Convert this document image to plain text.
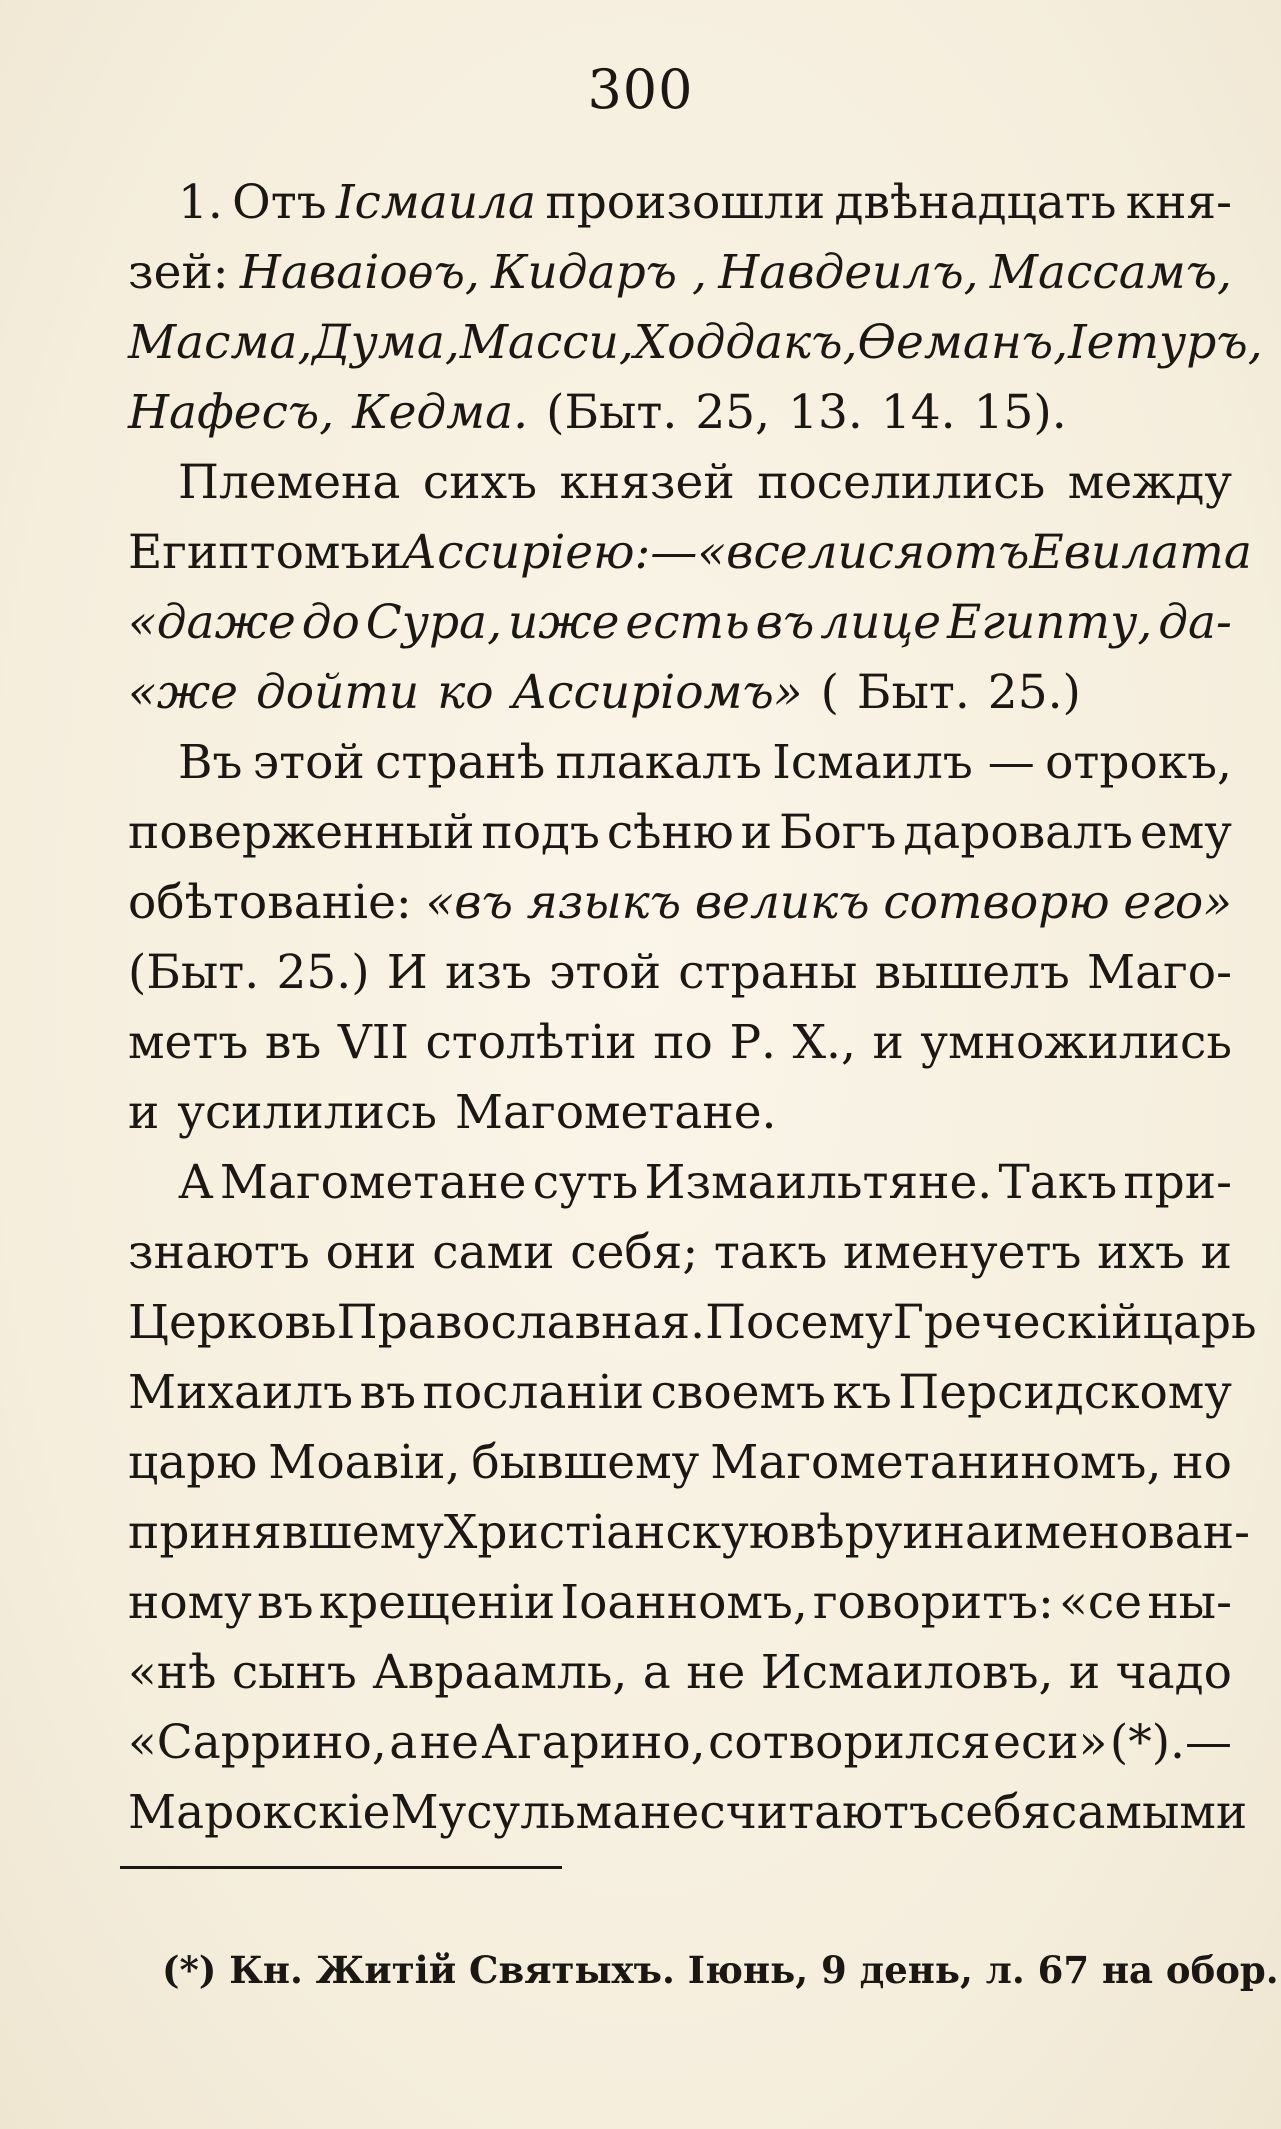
300
1. Отъ Ісмаила произошли двѣнадцать кня-
зей: Наваіоѳъ, Кидаръ , Навдеилъ, Массамъ,
Масма, Дума, Масси, Ходдакъ, Ѳеманъ, Іетуръ,
Нафесъ, Кедма. (Быт. 25, 13. 14. 15).
Племена сихъ князей поселились между
Египтомъ и Ассиріею:—«вселися отъ Евилата
«даже до Сура, иже есть въ лице Египту, да-
«же дойти ко Ассиріомъ» ( Быт. 25.)
Въ этой странѣ плакалъ Ісмаилъ — отрокъ,
поверженный подъ сѣню и Богъ даровалъ ему
обѣтованіе: «въ языкъ великъ сотворю его»
(Быт. 25.) И изъ этой страны вышелъ Маго-
метъ въ VII столѣтіи по Р. Х., и умножились
и усилились Магометане.
А Магометане суть Измаильтяне. Такъ при-
знаютъ они сами себя; такъ именуетъ ихъ и
Церковь Православная. Посему Греческій царь
Михаилъ въ посланіи своемъ къ Персидскому
царю Моавіи, бывшему Магометаниномъ, но
принявшему Христіанскую вѣру и наименован-
ному въ крещеніи Іоанномъ, говоритъ: «се ны-
«нѣ сынъ Авраамль, а не Исмаиловъ, и чадо
«Саррино, а не Агарино, сотворился еси» (*).—
Марокскіе Мусульмане считаютъ себя самыми
(*) Кн. Житій Святыхъ. Іюнь, 9 день, л. 67 на обор.
